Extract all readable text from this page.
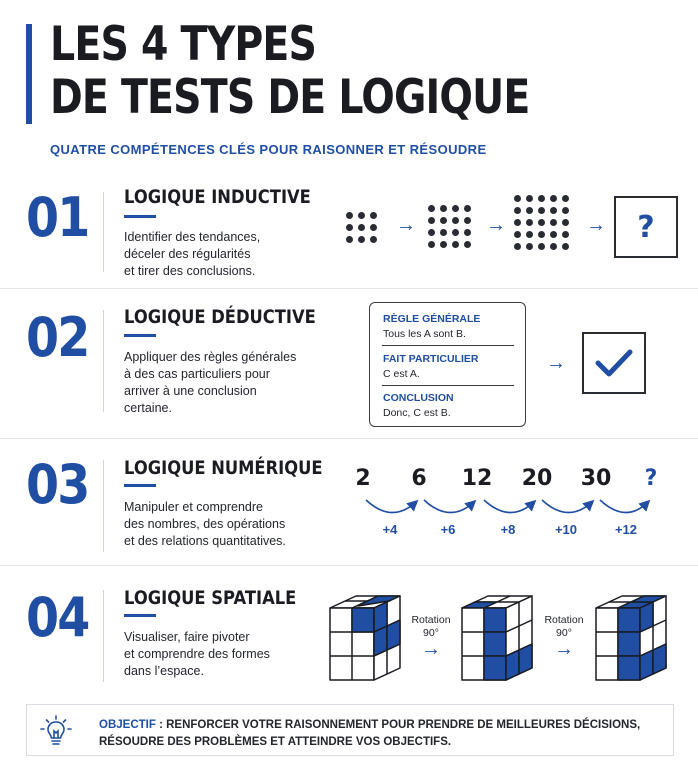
LES 4 TYPES
DE TESTS DE LOGIQUE
QUATRE COMPÉTENCES CLÉS POUR RAISONNER ET RÉSOUDRE
01 LOGIQUE INDUCTIVE
Identifier des tendances,
déceler des régularités
et tirer des conclusions.
→	→	→ ?
02 LOGIQUE DÉDUCTIVE
Appliquer des règles générales
à des cas particuliers pour
arriver à une conclusion
certaine.
RÈGLE GÉNÉRALE
Tous les A sont B.
FAIT PARTICULIER
C est A.
CONCLUSION
Donc, C est B.
→
03 LOGIQUE NUMÉRIQUE
Manipuler et comprendre
des nombres, des opérations
et des relations quantitatives.
2	6	12	20	30	?
+4	+6	+8	+10	+12
04 LOGIQUE SPATIALE
Visualiser, faire pivoter
et comprendre des formes
dans l’espace.
Rotation
90°
→
Rotation
90°
→
OBJECTIF : RENFORCER VOTRE RAISONNEMENT POUR PRENDRE DE MEILLEURES DÉCISIONS,
RÉSOUDRE DES PROBLÈMES ET ATTEINDRE VOS OBJECTIFS.
